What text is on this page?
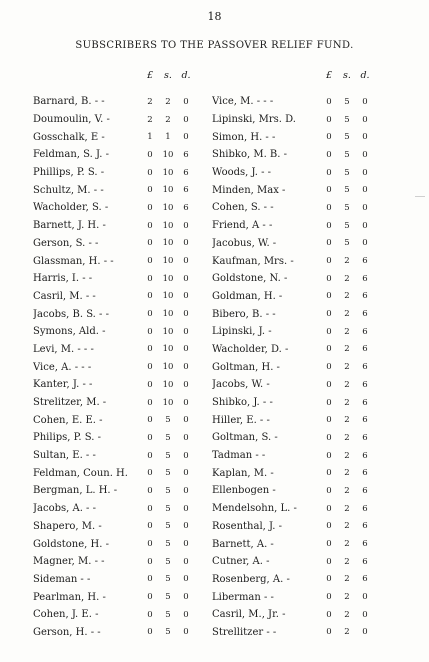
18
SUBSCRIBERS TO THE PASSOVER RELIEF FUND.
£	s. d.
Barnard, B. - -	2	2	0
Doumoulin, V. -	2	2	0
Gosschalk, E -	1	1	0
Feldman, S. J. -	0	10	6
Phillips, P. S. -	0	10	6
Schultz, M. - -	0	10	6
Wacholder, S. -	0	10	6
Barnett, J. H. -	0	10	0
Gerson, S. - -	0	10	0
Glassman, H. - -	0	10	0
Harris, I. - -	0	10	0
Casril, M. - -	0	10	0
Jacobs, B. S. - -	0	10	0
Symons, Ald. -	0	10	0
Levi, M. - - -	0	10	0
Vice, A. - - -	0	10	0
Kanter, J. - -	0	10	0
Strelitzer, M. -	0	10	0
Cohen, E. E. -	0	5	0
Philips, P. S. -	0	5	0
Sultan, E. - -	0	5	0
Feldman, Coun. H.	0	5	0
Bergman, L. H. -	0	5	0
Jacobs, A. - -	0	5	0
Shapero, M. -	0	5	0
Goldstone, H. -	0	5	0
Magner, M. - -	0	5	0
Sideman - -	0	5	0
Pearlman, H. -	0	5	0
Cohen, J. E. -	0	5	0
Gerson, H. - -	0	5	0
£	s. d.
Vice, M. - - -	0	5	0
Lipinski, Mrs. D.	0	5	0
Simon, H. - -	0	5	0
Shibko, M. B. -	0	5	0
Woods, J. - -	0	5	0
Minden, Max -	0	5	0
Cohen, S. - -	0	5	0
Friend, A - -	0	5	0
Jacobus, W. -	0	5	0
Kaufman, Mrs. -	0	2	6
Goldstone, N. -	0	2	6
Goldman, H. -	0	2	6
Bibero, B. - -	0	2	6
Lipinski, J. -	0	2	6
Wacholder, D. -	0	2	6
Goltman, H. -	0	2	6
Jacobs, W. -	0	2	6
Shibko, J. - -	0	2	6
Hiller, E. - -	0	2	6
Goltman, S. -	0	2	6
Tadman - -	0	2	6
Kaplan, M. -	0	2	6
Ellenbogen -	0	2	6
Mendelsohn, L. -	0	2	6
Rosenthal, J. -	0	2	6
Barnett, A. -	0	2	6
Cutner, A. -	0	2	6
Rosenberg, A. -	0	2	6
Liberman - -	0	2	0
Casril, M., Jr. -	0	2	0
Strellitzer - -	0	2	0
